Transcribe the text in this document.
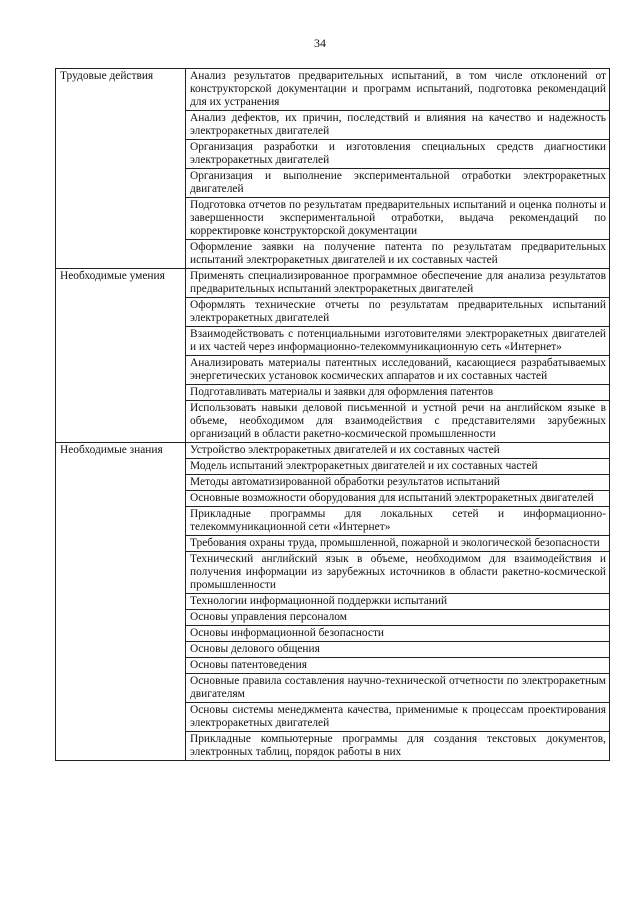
34
Трудовые действия	Анализ результатов предварительных испытаний, в том числе отклонений от конструкторской документации и программ испытаний, подготовка рекомендаций для их устранения
	Анализ дефектов, их причин, последствий и влияния на качество и надежность электроракетных двигателей
	Организация разработки и изготовления специальных средств диагностики электроракетных двигателей
	Организация и выполнение экспериментальной отработки электроракетных двигателей
	Подготовка отчетов по результатам предварительных испытаний и оценка полноты и завершенности экспериментальной отработки, выдача рекомендаций по корректировке конструкторской документации
	Оформление заявки на получение патента по результатам предварительных испытаний электроракетных двигателей и их составных частей
Необходимые умения	Применять специализированное программное обеспечение для анализа результатов предварительных испытаний электроракетных двигателей
	Оформлять технические отчеты по результатам предварительных испытаний электроракетных двигателей
	Взаимодействовать с потенциальными изготовителями электроракетных двигателей и их частей через информационно-телекоммуникационную сеть «Интернет»
	Анализировать материалы патентных исследований, касающиеся разрабатываемых энергетических установок космических аппаратов и их составных частей
	Подготавливать материалы и заявки для оформления патентов
	Использовать навыки деловой письменной и устной речи на английском языке в объеме, необходимом для взаимодействия с представителями зарубежных организаций в области ракетно-космической промышленности
Необходимые знания	Устройство электроракетных двигателей и их составных частей
	Модель испытаний электроракетных двигателей и их составных частей
	Методы автоматизированной обработки результатов испытаний
	Основные возможности оборудования для испытаний электроракетных двигателей
	Прикладные программы для локальных сетей и информационно-телекоммуникационной сети «Интернет»
	Требования охраны труда, промышленной, пожарной и экологической безопасности
	Технический английский язык в объеме, необходимом для взаимодействия и получения информации из зарубежных источников в области ракетно-космической промышленности
	Технологии информационной поддержки испытаний
	Основы управления персоналом
	Основы информационной безопасности
	Основы делового общения
	Основы патентоведения
	Основные правила составления научно-технической отчетности по электроракетным двигателям
	Основы системы менеджмента качества, применимые к процессам проектирования электроракетных двигателей
	Прикладные компьютерные программы для создания текстовых документов, электронных таблиц, порядок работы в них
